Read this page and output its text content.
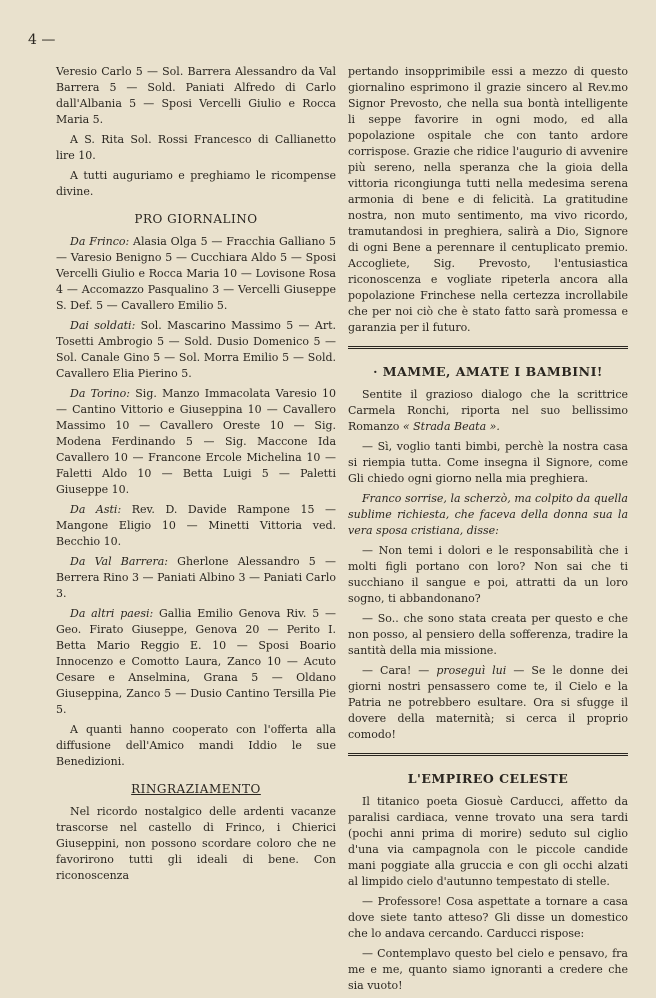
4 —

Veresio Carlo 5 — Sol. Barrera Alessandro da Val Barrera 5 — Sold. Paniati Alfredo di Carlo dall'Albania 5 — Sposi Vercelli Giulio e Rocca Maria 5.

A S. Rita Sol. Rossi Francesco di Callianetto lire 10.

A tutti auguriamo e preghiamo le ricompense divine.

PRO GIORNALINO

Da Frinco: Alasia Olga 5 — Fracchia Galliano 5 — Varesio Benigno 5 — Cucchiara Aldo 5 — Sposi Vercelli Giulio e Rocca Maria 10 — Lovisone Rosa 4 — Accomazzo Pasqualino 3 — Vercelli Giuseppe S. Def. 5 — Cavallero Emilio 5.

Dai soldati: Sol. Mascarino Massimo 5 — Art. Tosetti Ambrogio 5 — Sold. Dusio Domenico 5 — Sol. Canale Gino 5 — Sol. Morra Emilio 5 — Sold. Cavallero Elia Pierino 5.

Da Torino: Sig. Manzo Immacolata Varesio 10 — Cantino Vittorio e Giuseppina 10 — Cavallero Massimo 10 — Cavallero Oreste 10 — Sig. Modena Ferdinando 5 — Sig. Maccone Ida Cavallero 10 — Francone Ercole Michelina 10 — Faletti Aldo 10 — Betta Luigi 5 — Paletti Giuseppe 10.

Da Asti: Rev. D. Davide Rampone 15 — Mangone Eligio 10 — Minetti Vittoria ved. Becchio 10.

Da Val Barrera: Gherlone Alessandro 5 — Berrera Rino 3 — Paniati Albino 3 — Paniati Carlo 3.

Da altri paesi: Gallia Emilio Genova Riv. 5 — Geo. Firato Giuseppe, Genova 20 — Perito I. Betta Mario Reggio E. 10 — Sposi Boario Innocenzo e Comotto Laura, Zanco 10 — Acuto Cesare e Anselmina, Grana 5 — Oldano Giuseppina, Zanco 5 — Dusio Cantino Tersilla Pie 5.

A quanti hanno cooperato con l'offerta alla diffusione dell'Amico mandi Iddio le sue Benedizioni.

RINGRAZIAMENTO

Nel ricordo nostalgico delle ardenti vacanze trascorse nel castello di Frinco, i Chierici Giuseppini, non possono scordare coloro che ne favorirono tutti gli ideali di bene. Con riconoscenza

pertando insopprimibile essi a mezzo di questo giornalino esprimono il grazie sincero al Rev.mo Signor Prevosto, che nella sua bontà intelligente li seppe favorire in ogni modo, ed alla popolazione ospitale che con tanto ardore corrispose. Grazie che ridice l'augurio di avvenire più sereno, nella speranza che la gioia della vittoria ricongiunga tutti nella medesima serena armonia di bene e di felicità. La gratitudine nostra, non muto sentimento, ma vivo ricordo, tramutandosi in preghiera, salirà a Dio, Signore di ogni Bene a perennare il centuplicato premio. Accogliete, Sig. Prevosto, l'entusiastica riconoscenza e vogliate ripeterla ancora alla popolazione Frinchese nella certezza incrollabile che per noi ciò che è stato fatto sarà promessa e garanzia per il futuro.

· MAMME, AMATE I BAMBINI!

Sentite il grazioso dialogo che la scrittrice Carmela Ronchi, riporta nel suo bellissimo Romanzo « Strada Beata ».

— Sì, voglio tanti bimbi, perchè la nostra casa si riempia tutta. Come insegna il Signore, come Gli chiedo ogni giorno nella mia preghiera.

Franco sorrise, la scherzò, ma colpito da quella sublime richiesta, che faceva della donna sua la vera sposa cristiana, disse:

— Non temi i dolori e le responsabilità che i molti figli portano con loro? Non sai che ti succhiano il sangue e poi, attratti da un loro sogno, ti abbandonano?

— So.. che sono stata creata per questo e che non posso, al pensiero della sofferenza, tradire la santità della mia missione.

— Cara! — proseguì lui — Se le donne dei giorni nostri pensassero come te, il Cielo e la Patria ne potrebbero esultare. Ora si sfugge il dovere della maternità; si cerca il proprio comodo!

L'EMPIREO CELESTE

Il titanico poeta Giosuè Carducci, affetto da paralisi cardiaca, venne trovato una sera tardi (pochi anni prima di morire) seduto sul ciglio d'una via campagnola con le piccole candide mani poggiate alla gruccia e con gli occhi alzati al limpido cielo d'autunno tempestato di stelle.

— Professore! Cosa aspettate a tornare a casa dove siete tanto atteso? Gli disse un domestico che lo andava cercando. Carducci rispose:

— Contemplavo questo bel cielo e pensavo, fra me e me, quanto siamo ignoranti a credere che sia vuoto!
